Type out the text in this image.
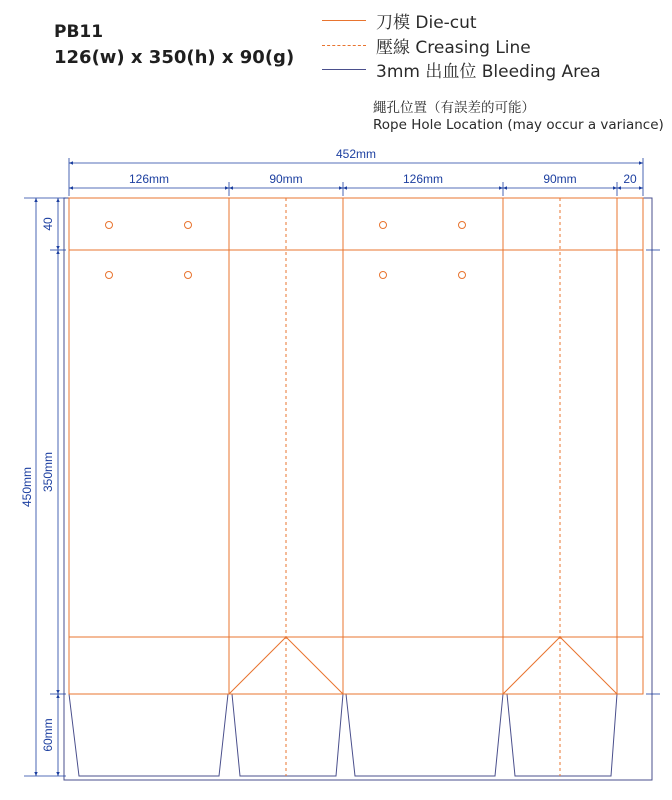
PB11
126(w) x 350(h) x 90(g)
刀模 Die-cut
壓線 Creasing Line
3mm 出血位 Bleeding Area
繩孔位置（有誤差的可能）
Rope Hole Location (may occur a variance)
452mm
126mm	90mm	126mm	90mm	20
450mm
40
350mm
60mm
